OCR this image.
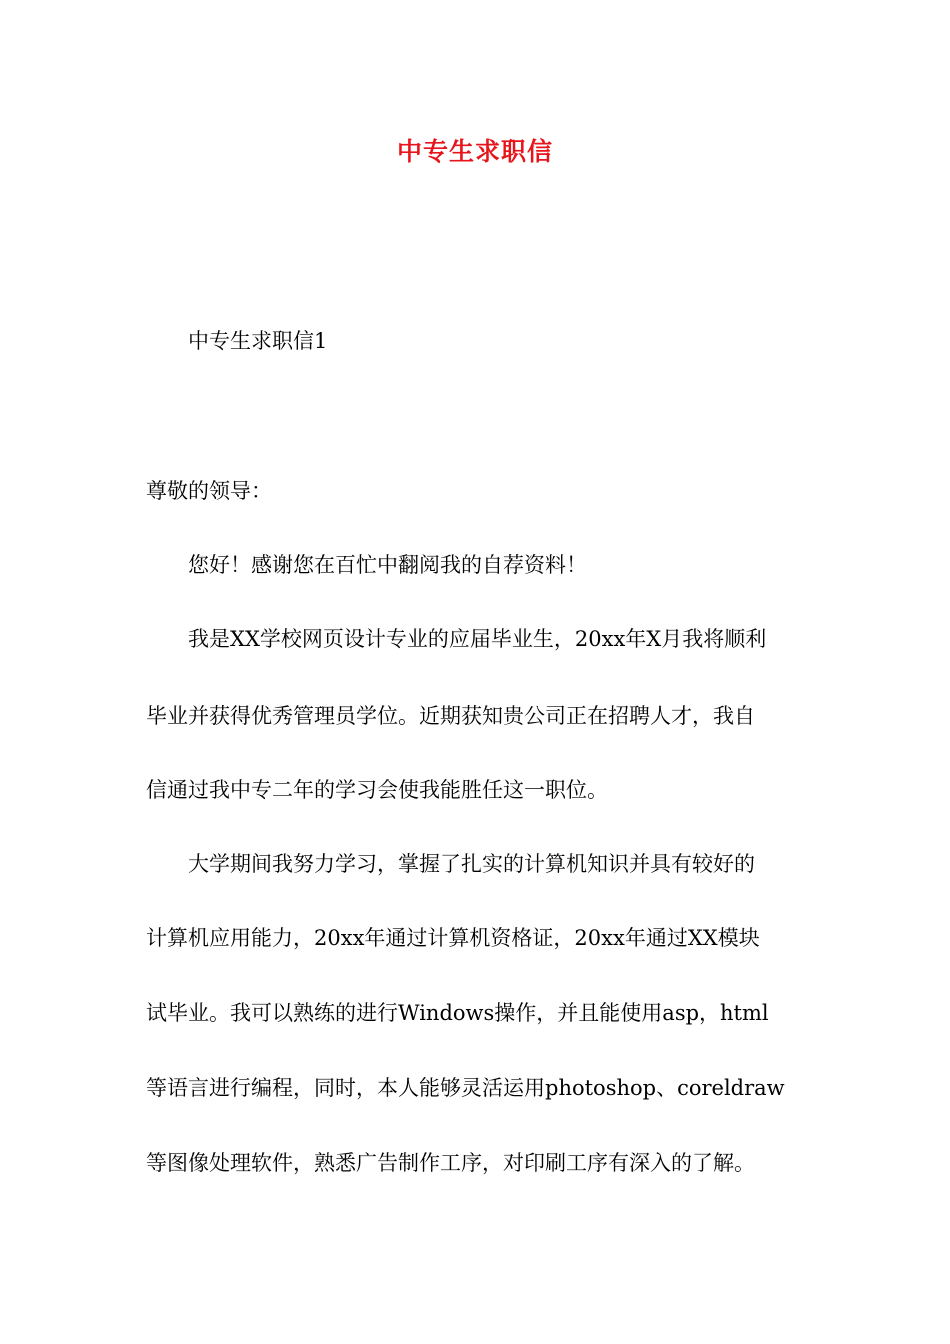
中专生求职信
中专生求职信1
尊敬的领导：
您好！感谢您在百忙中翻阅我的自荐资料！
我是XX学校网页设计专业的应届毕业生，20xx年X月我将顺利
毕业并获得优秀管理员学位。近期获知贵公司正在招聘人才，我自
信通过我中专二年的学习会使我能胜任这一职位。
大学期间我努力学习，掌握了扎实的计算机知识并具有较好的
计算机应用能力，20xx年通过计算机资格证，20xx年通过XX模块
试毕业。我可以熟练的进行Windows操作，并且能使用asp，html
等语言进行编程，同时，本人能够灵活运用photoshop、coreldraw
等图像处理软件，熟悉广告制作工序，对印刷工序有深入的了解。
